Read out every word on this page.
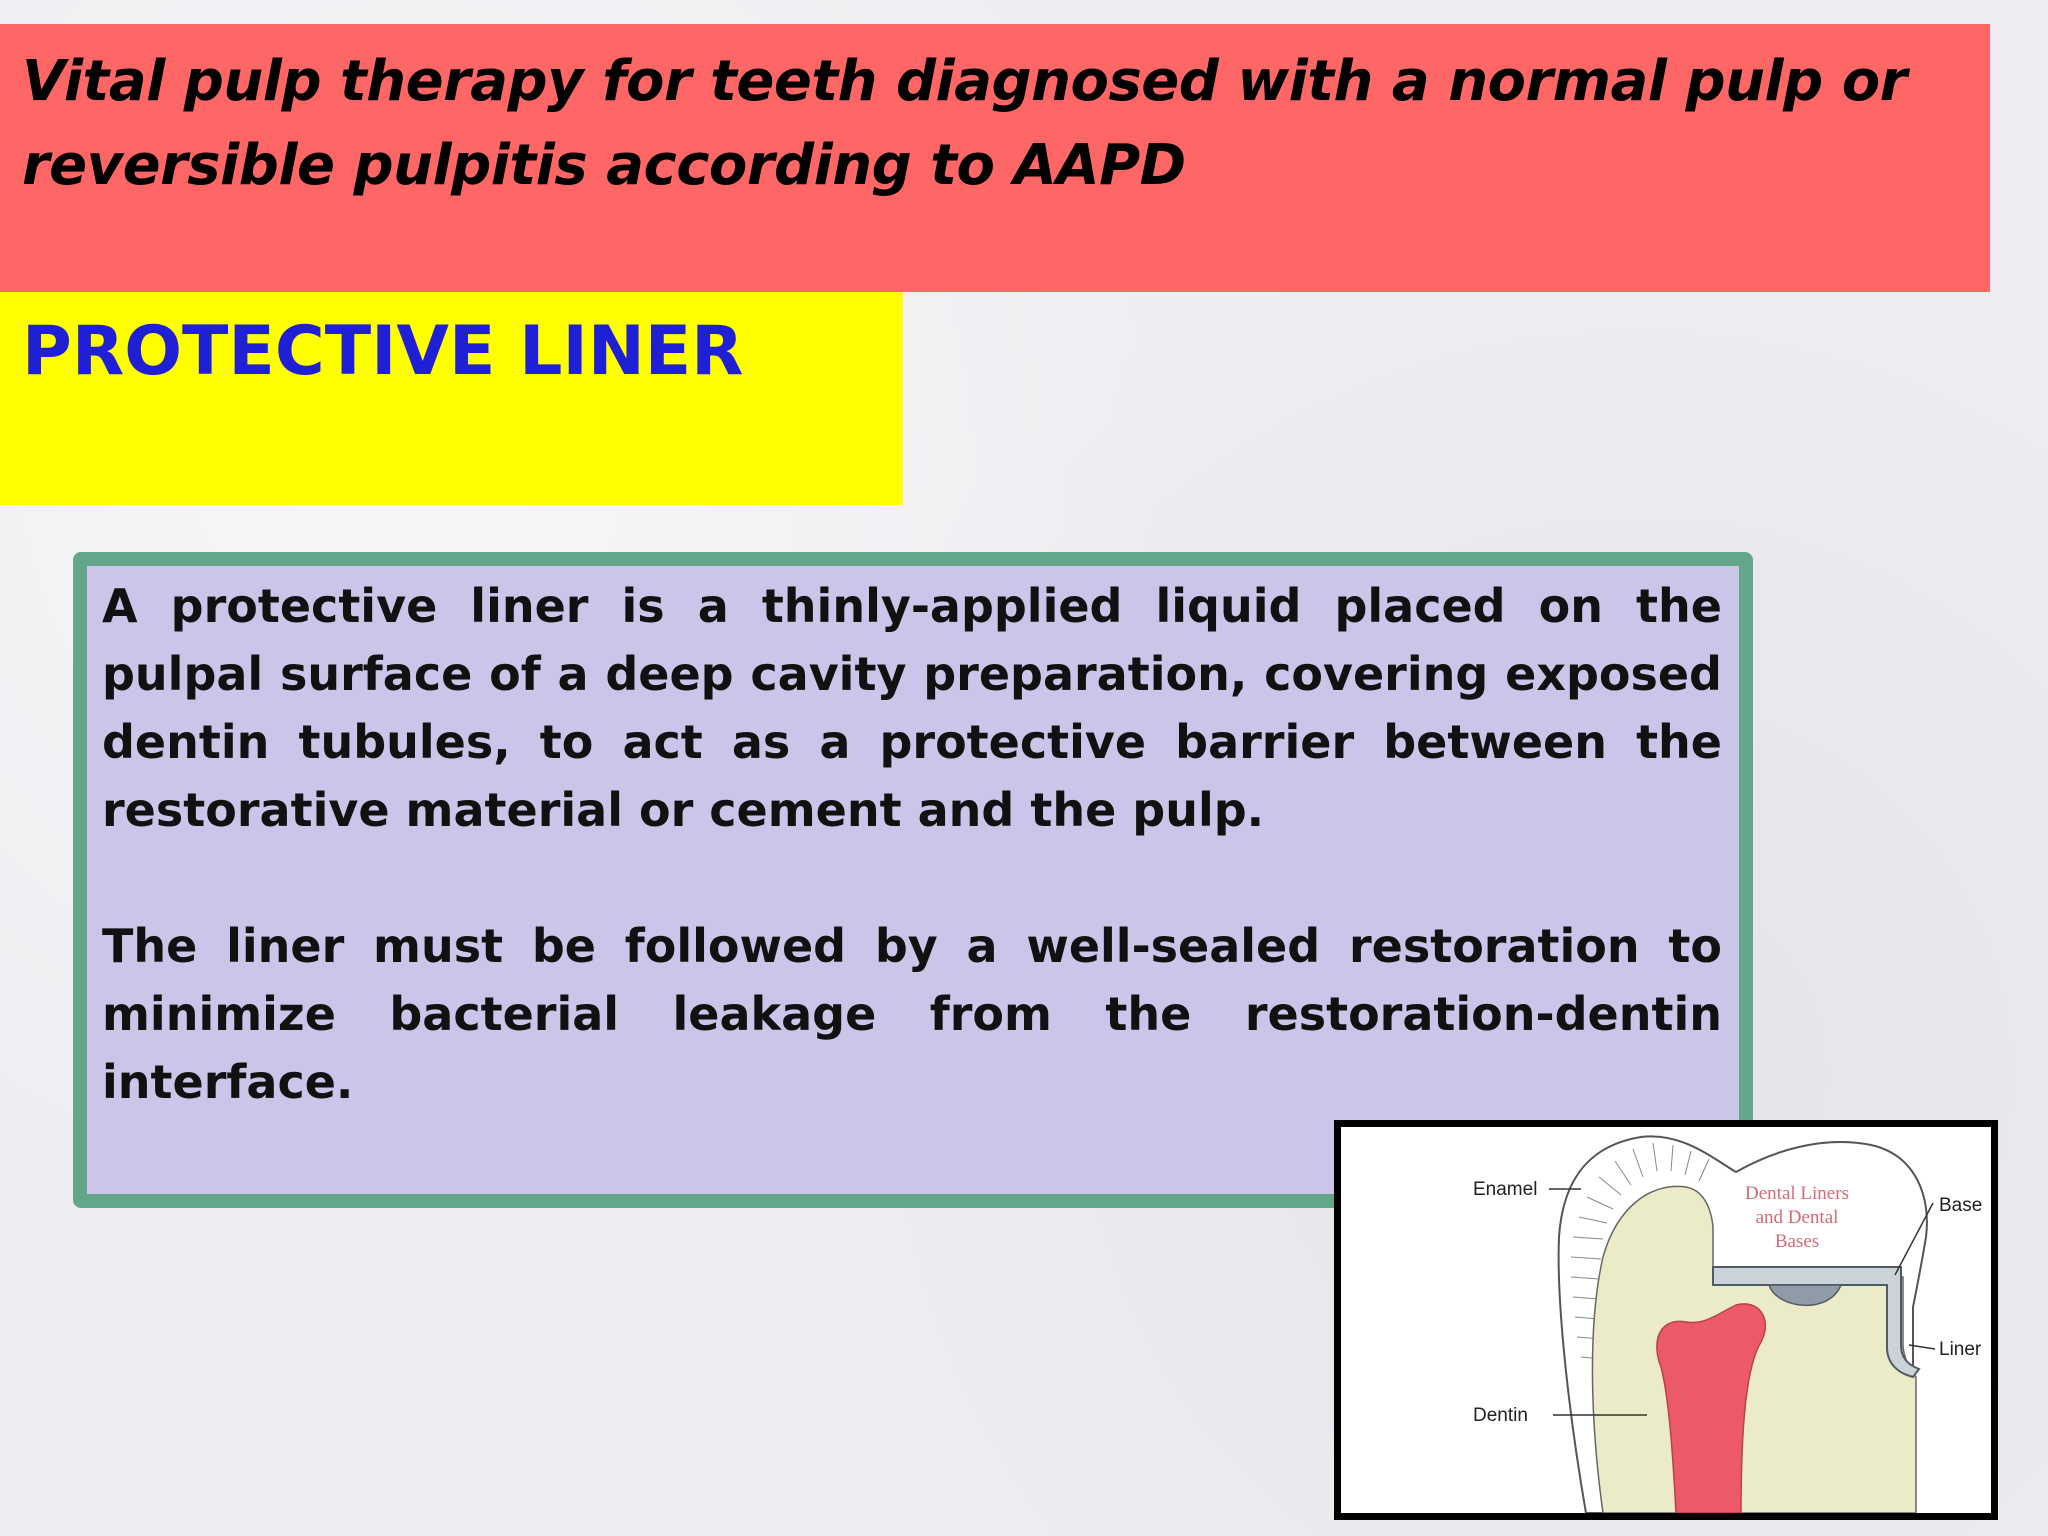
Vital pulp therapy for teeth diagnosed with a normal pulp or reversible pulpitis according to AAPD
PROTECTIVE LINER

A protective liner is a thinly-applied liquid placed on the pulpal surface of a deep cavity preparation, covering exposed dentin tubules, to act as a protective barrier between the restorative material or cement and the pulp.

The liner must be followed by a well-sealed restoration to minimize bacterial leakage from the restoration-dentin interface.

Dental Liners
and Dental
Bases
Enamel
Dentin
Base
Liner
